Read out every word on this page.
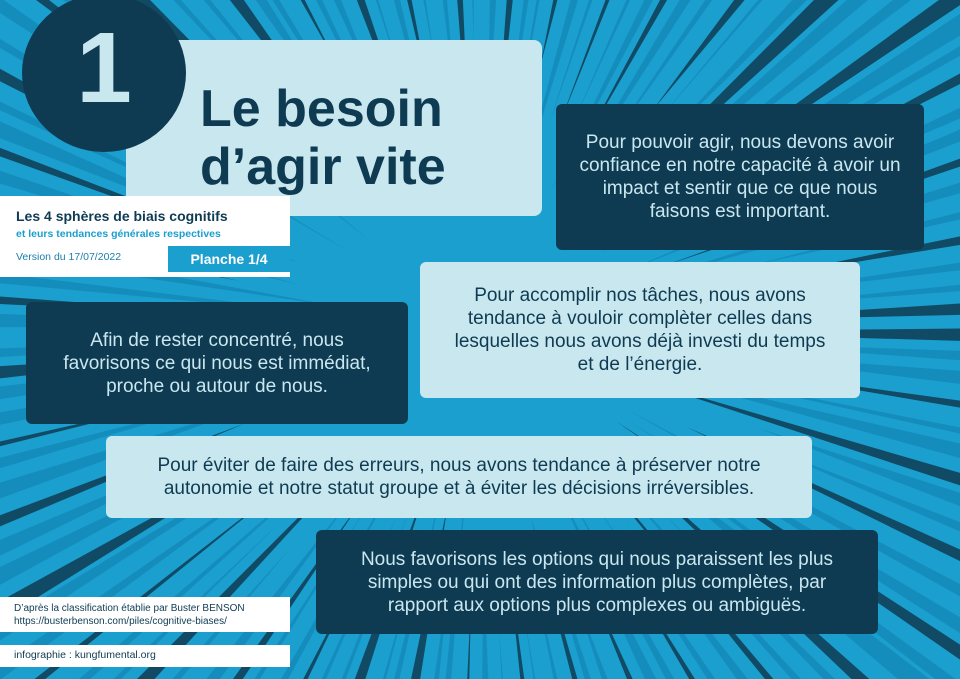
1	Le besoin
d’agir vite
Les 4 sphères de biais cognitifs
et leurs tendances générales respectives
Version du 17/07/2022	Planche 1/4
Pour pouvoir agir, nous devons avoir confiance en notre capacité à avoir un impact et sentir que ce que nous faisons est important.
Pour accomplir nos tâches, nous avons tendance à vouloir complèter celles dans lesquelles nous avons déjà investi du temps et de l’énergie.
Afin de rester concentré, nous favorisons ce qui nous est immédiat, proche ou autour de nous.
Pour éviter de faire des erreurs, nous avons tendance à préserver notre autonomie et notre statut groupe et à éviter les décisions irréversibles.
Nous favorisons les options qui nous paraissent les plus simples ou qui ont des information plus complètes, par rapport aux options plus complexes ou ambiguës.
D’après la classification établie par Buster BENSON
https://busterbenson.com/piles/cognitive-biases/
infographie : kungfumental.org
